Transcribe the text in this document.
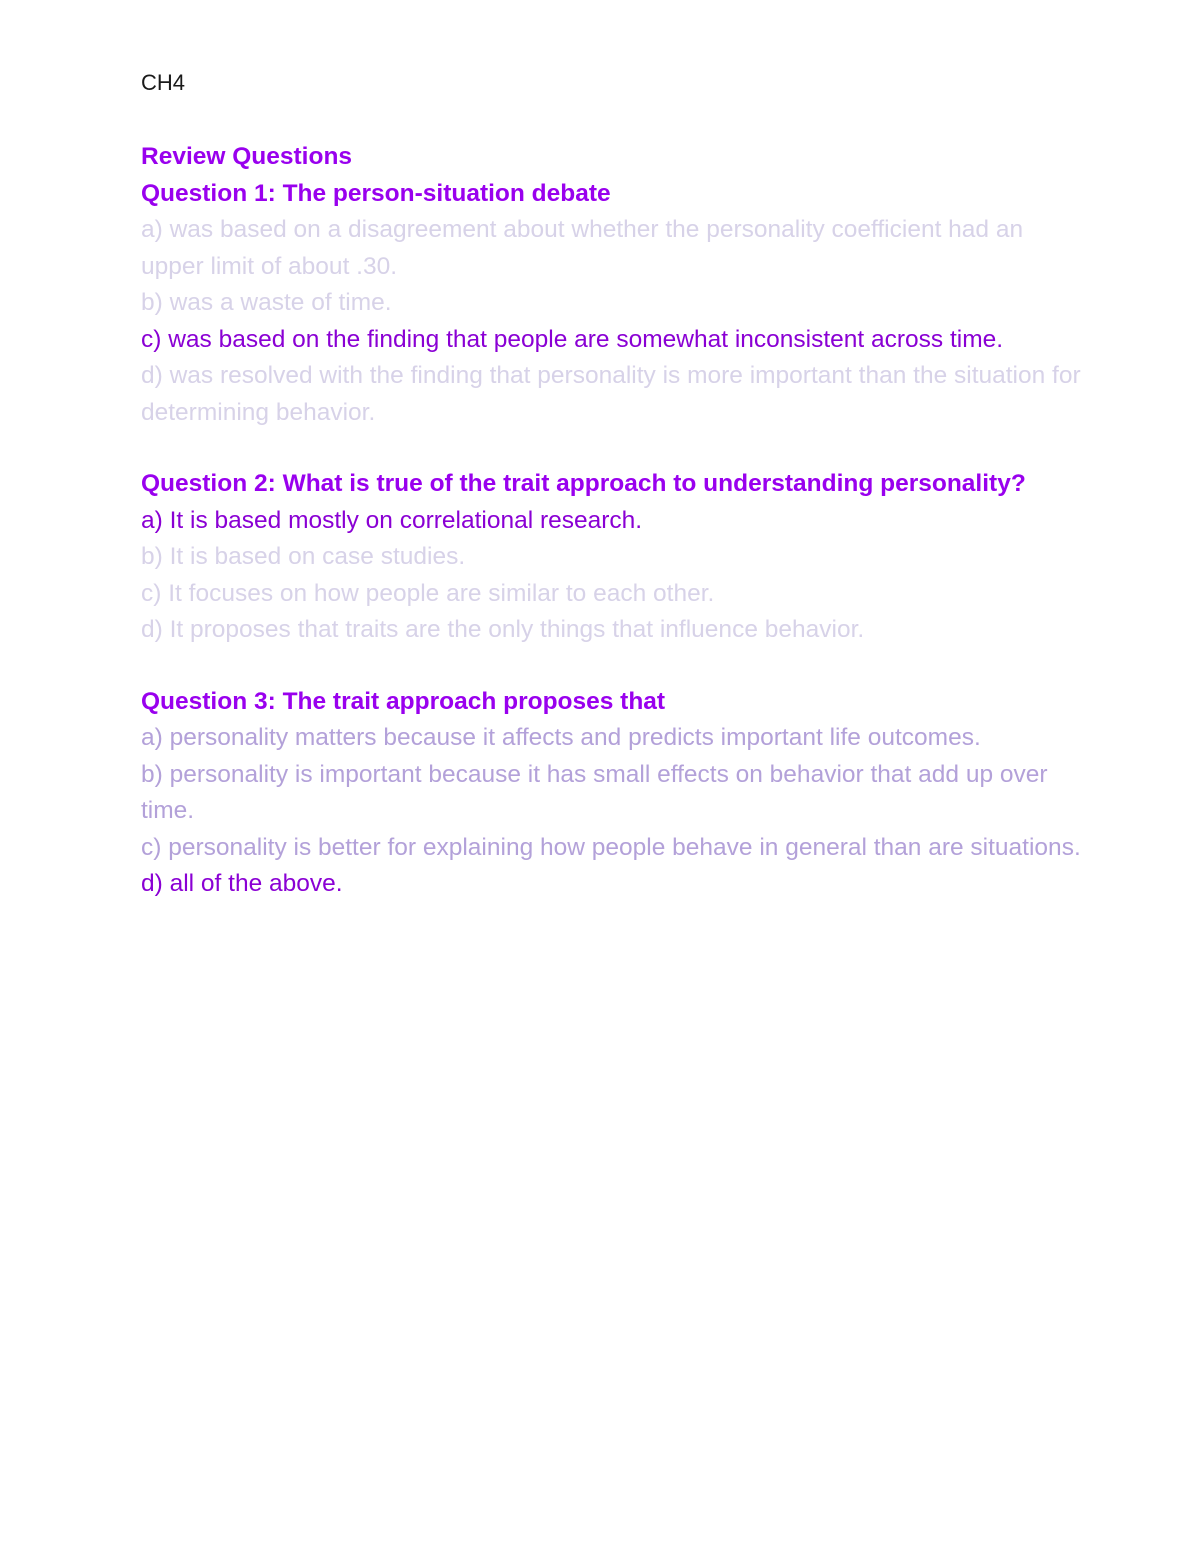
CH4

Review Questions

Question 1: The person-situation debate

a) was based on a disagreement about whether the personality coefficient had an upper limit of about .30.

b) was a waste of time.

c) was based on the finding that people are somewhat inconsistent across time.

d) was resolved with the finding that personality is more important than the situation for determining behavior.

Question 2: What is true of the trait approach to understanding personality?

a) It is based mostly on correlational research.

b) It is based on case studies.

c) It focuses on how people are similar to each other.

d) It proposes that traits are the only things that influence behavior.

Question 3: The trait approach proposes that

a) personality matters because it affects and predicts important life outcomes.

b) personality is important because it has small effects on behavior that add up over time.

c) personality is better for explaining how people behave in general than are situations.

d) all of the above.
